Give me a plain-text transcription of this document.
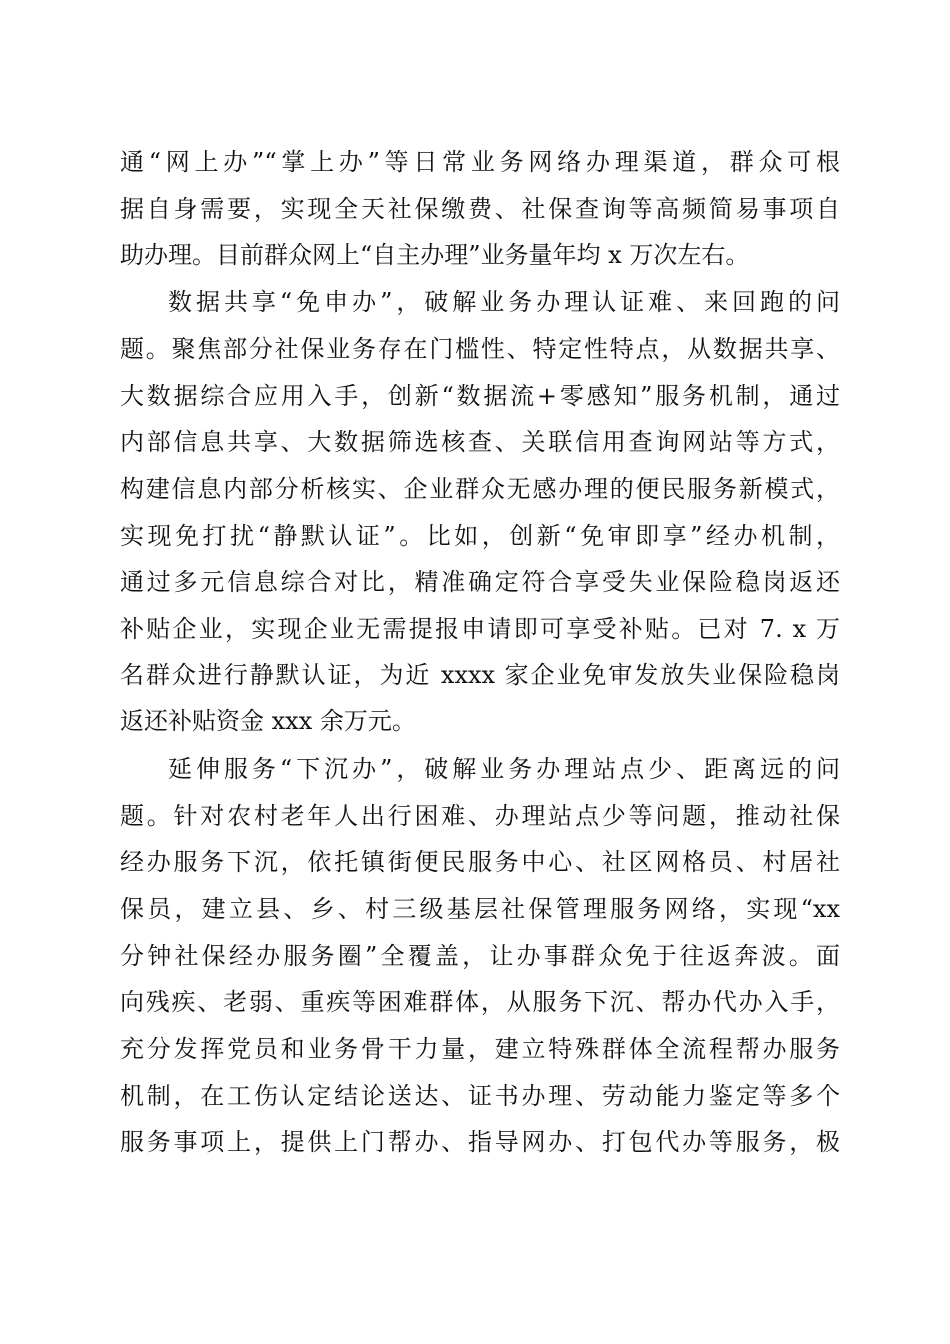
通“网上办”“掌上办”等日常业务网络办理渠道，群众可根
据自身需要，实现全天社保缴费、社保查询等高频简易事项自
助办理。目前群众网上“自主办理”业务量年均 x 万次左右。
数据共享“免申办”，破解业务办理认证难、来回跑的问
题。聚焦部分社保业务存在门槛性、特定性特点，从数据共享、
大数据综合应用入手，创新“数据流+零感知”服务机制，通过
内部信息共享、大数据筛选核查、关联信用查询网站等方式，
构建信息内部分析核实、企业群众无感办理的便民服务新模式，
实现免打扰“静默认证”。比如，创新“免审即享”经办机制，
通过多元信息综合对比，精准确定符合享受失业保险稳岗返还
补贴企业，实现企业无需提报申请即可享受补贴。已对 7. x 万
名群众进行静默认证，为近 xxxx 家企业免审发放失业保险稳岗
返还补贴资金 xxx 余万元。
延伸服务“下沉办”，破解业务办理站点少、距离远的问
题。针对农村老年人出行困难、办理站点少等问题，推动社保
经办服务下沉，依托镇街便民服务中心、社区网格员、村居社
保员，建立县、乡、村三级基层社保管理服务网络，实现“xx
分钟社保经办服务圈”全覆盖，让办事群众免于往返奔波。面
向残疾、老弱、重疾等困难群体，从服务下沉、帮办代办入手，
充分发挥党员和业务骨干力量，建立特殊群体全流程帮办服务
机制，在工伤认定结论送达、证书办理、劳动能力鉴定等多个
服务事项上，提供上门帮办、指导网办、打包代办等服务，极
